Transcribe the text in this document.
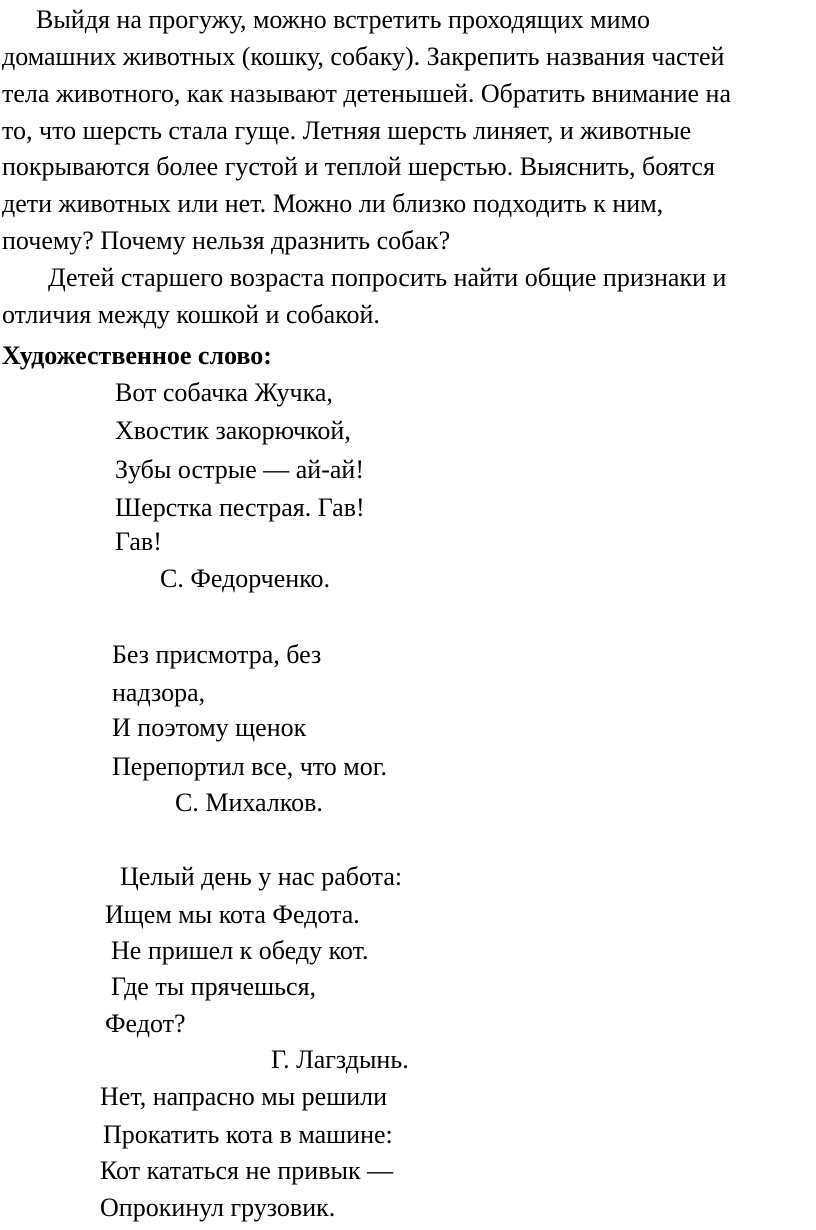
Выйдя на прогужу, можно встретить проходящих мимо
домашних животных (кошку, собаку). Закрепить названия частей
тела животного, как называют детенышей. Обратить внимание на
то, что шерсть стала гуще. Летняя шерсть линяет, и животные
покрываются более густой и теплой шерстью. Выяснить, боятся
дети животных или нет. Можно ли близко подходить к ним,
почему? Почему нельзя дразнить собак?
Детей старшего возраста попросить найти общие признаки и
отличия между кошкой и собакой.
Художественное слово:
Вот собачка Жучка,
Хвостик закорючкой,
Зубы острые — ай-ай!
Шерстка пестрая. Гав!
Гав!
С. Федорченко.
Без присмотра, без
надзора,
И поэтому щенок
Перепортил все, что мог.
С. Михалков.
Целый день у нас работа:
Ищем мы кота Федота.
Не пришел к обеду кот.
Где ты прячешься,
Федот?
Г. Лагздынь.
Нет, напрасно мы решили
Прокатить кота в машине:
Кот кататься не привык —
Опрокинул грузовик.
